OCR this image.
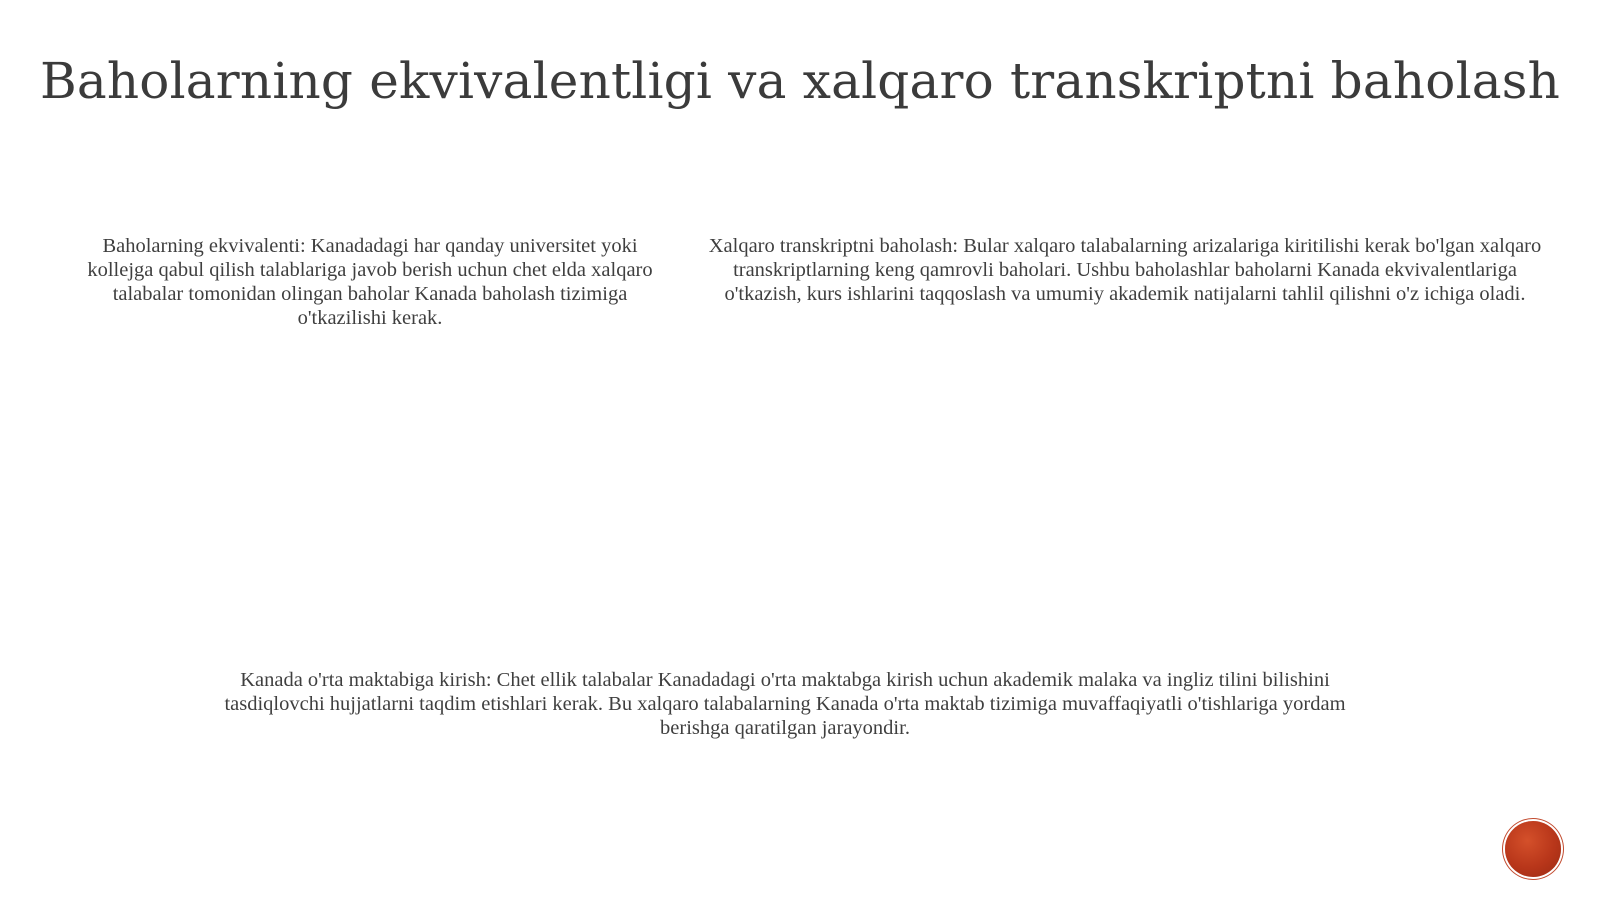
Baholarning ekvivalentligi va xalqaro transkriptni baholash

Baholarning ekvivalenti: Kanadadagi har qanday universitet yoki kollejga qabul qilish talablariga javob berish uchun chet elda xalqaro talabalar tomonidan olingan baholar Kanada baholash tizimiga o'tkazilishi kerak.

Xalqaro transkriptni baholash: Bular xalqaro talabalarning arizalariga kiritilishi kerak bo'lgan xalqaro transkriptlarning keng qamrovli baholari. Ushbu baholashlar baholarni Kanada ekvivalentlariga o'tkazish, kurs ishlarini taqqoslash va umumiy akademik natijalarni tahlil qilishni o'z ichiga oladi.

Kanada o'rta maktabiga kirish: Chet ellik talabalar Kanadadagi o'rta maktabga kirish uchun akademik malaka va ingliz tilini bilishini tasdiqlovchi hujjatlarni taqdim etishlari kerak. Bu xalqaro talabalarning Kanada o'rta maktab tizimiga muvaffaqiyatli o'tishlariga yordam berishga qaratilgan jarayondir.
